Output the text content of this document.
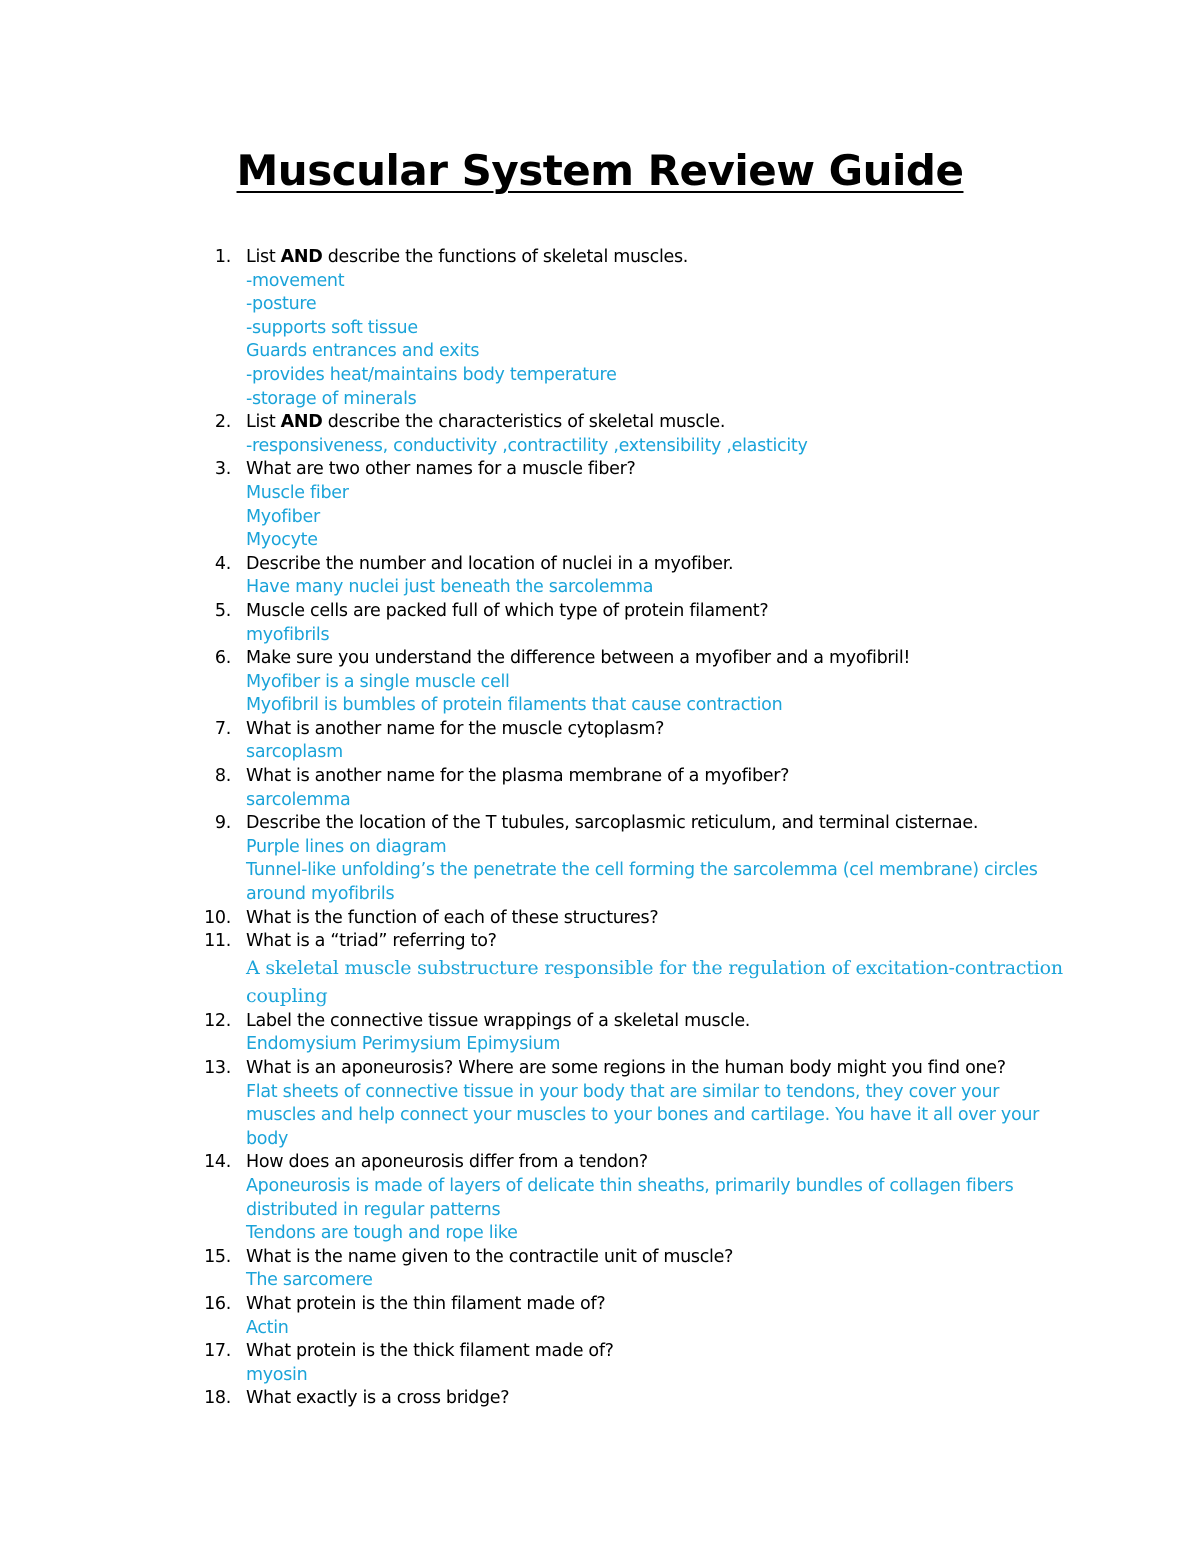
Muscular System Review Guide
1. List AND describe the functions of skeletal muscles.
-movement
-posture
-supports soft tissue
Guards entrances and exits
-provides heat/maintains body temperature
-storage of minerals
2. List AND describe the characteristics of skeletal muscle.
-responsiveness, conductivity ,contractility ,extensibility ,elasticity
3. What are two other names for a muscle fiber?
Muscle fiber
Myofiber
Myocyte
4. Describe the number and location of nuclei in a myofiber.
Have many nuclei just beneath the sarcolemma
5. Muscle cells are packed full of which type of protein filament?
myofibrils
6. Make sure you understand the difference between a myofiber and a myofibril!
Myofiber is a single muscle cell
Myofibril is bumbles of protein filaments that cause contraction
7. What is another name for the muscle cytoplasm?
sarcoplasm
8. What is another name for the plasma membrane of a myofiber?
sarcolemma
9. Describe the location of the T tubules, sarcoplasmic reticulum, and terminal cisternae.
Purple lines on diagram
Tunnel-like unfolding’s the penetrate the cell forming the sarcolemma (cel membrane) circles
around myofibrils
10. What is the function of each of these structures?
11. What is a “triad” referring to?
A skeletal muscle substructure responsible for the regulation of excitation-contraction
coupling
12. Label the connective tissue wrappings of a skeletal muscle.
Endomysium Perimysium Epimysium
13. What is an aponeurosis? Where are some regions in the human body might you find one?
Flat sheets of connective tissue in your body that are similar to tendons, they cover your
muscles and help connect your muscles to your bones and cartilage. You have it all over your
body
14. How does an aponeurosis differ from a tendon?
Aponeurosis is made of layers of delicate thin sheaths, primarily bundles of collagen fibers
distributed in regular patterns
Tendons are tough and rope like
15. What is the name given to the contractile unit of muscle?
The sarcomere
16. What protein is the thin filament made of?
Actin
17. What protein is the thick filament made of?
myosin
18. What exactly is a cross bridge?
